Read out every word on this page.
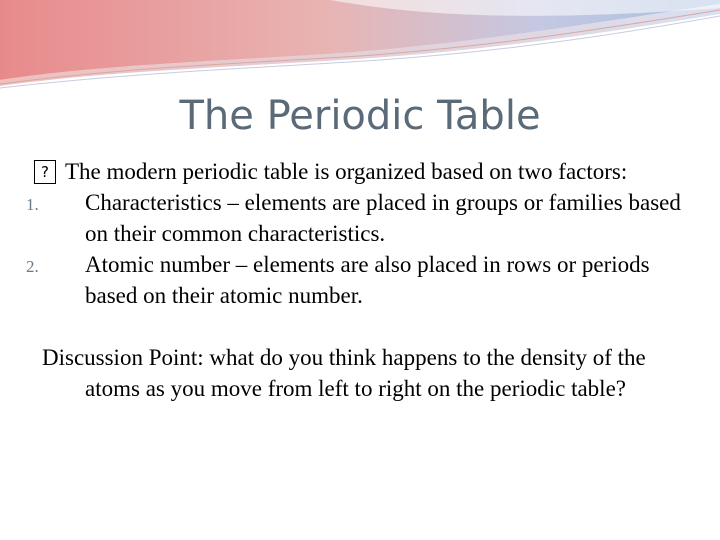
The Periodic Table

? The modern periodic table is organized based on two factors:

1. Characteristics – elements are placed in groups or families based on their common characteristics.
2. Atomic number – elements are also placed in rows or periods based on their atomic number.

Discussion Point: what do you think happens to the density of the atoms as you move from left to right on the periodic table?
